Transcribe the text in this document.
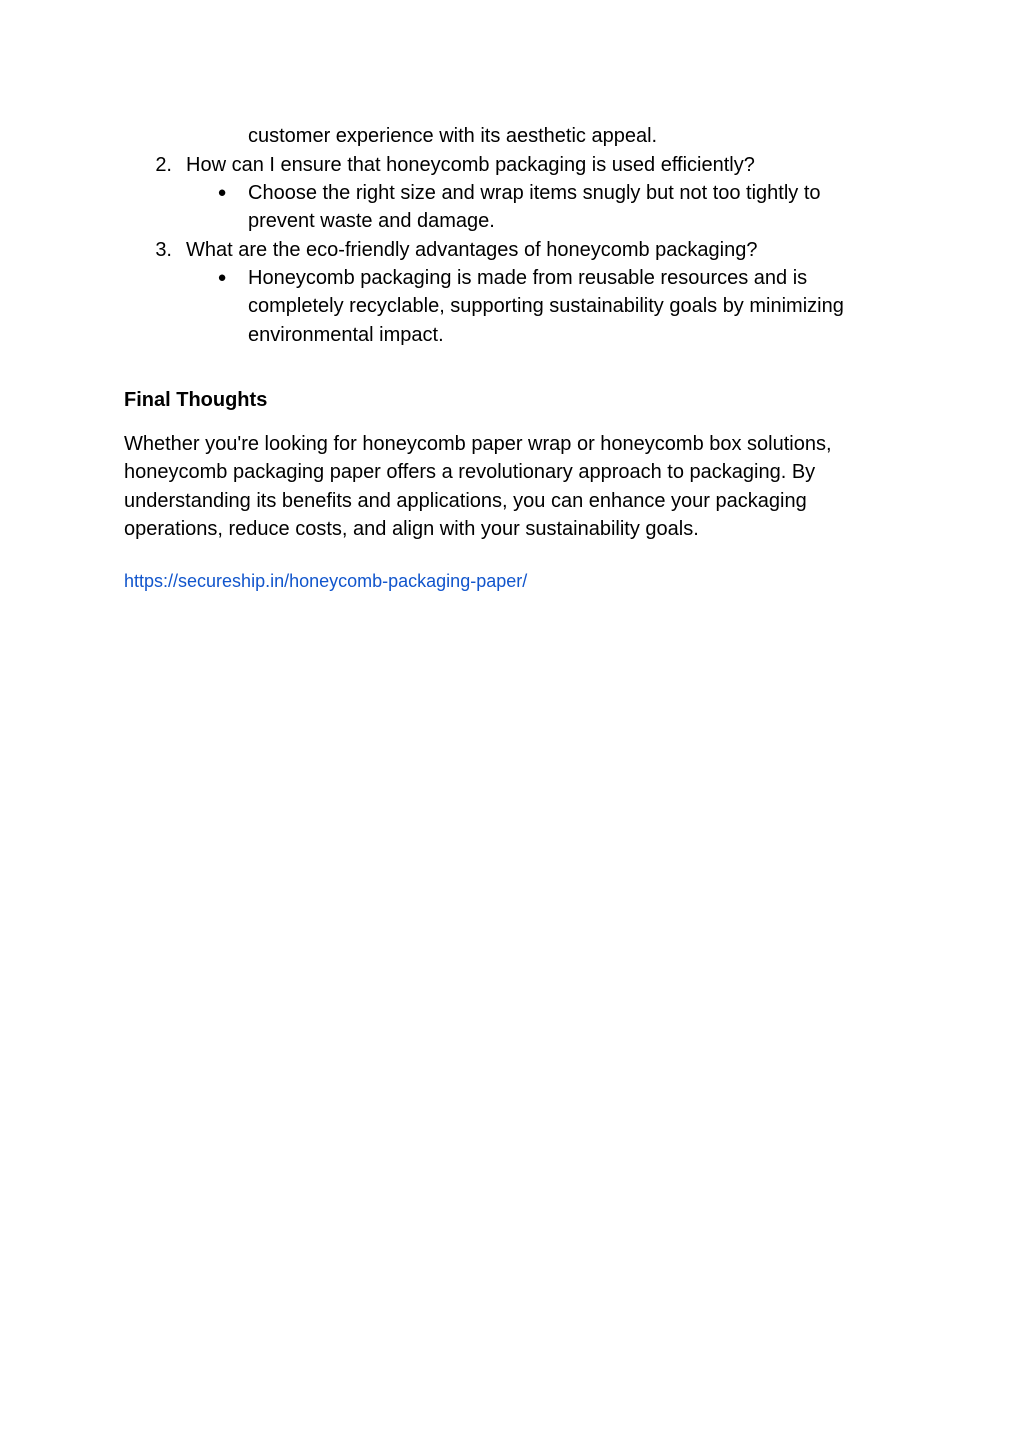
customer experience with its aesthetic appeal.
2. How can I ensure that honeycomb packaging is used efficiently?
● Choose the right size and wrap items snugly but not too tightly to
prevent waste and damage.
3. What are the eco-friendly advantages of honeycomb packaging?
● Honeycomb packaging is made from reusable resources and is
completely recyclable, supporting sustainability goals by minimizing
environmental impact.
Final Thoughts
Whether you're looking for honeycomb paper wrap or honeycomb box solutions, honeycomb packaging paper offers a revolutionary approach to packaging. By understanding its benefits and applications, you can enhance your packaging operations, reduce costs, and align with your sustainability goals.
https://secureship.in/honeycomb-packaging-paper/
